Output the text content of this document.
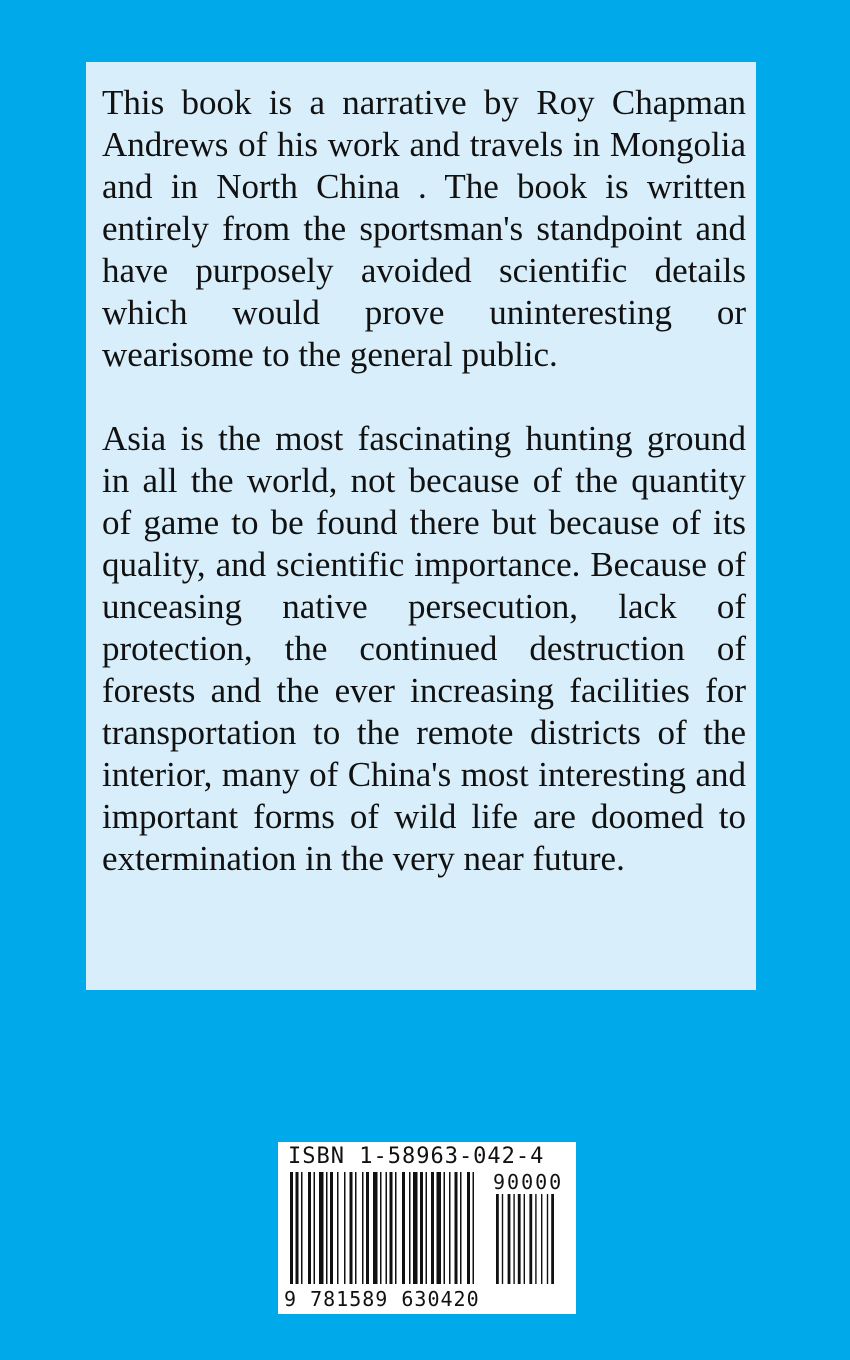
This book is a narrative by Roy Chapman Andrews of his work and travels in Mongolia and in North China . The book is written entirely from the sportsman's standpoint and have purposely avoided scientific details which would prove uninteresting or wearisome to the general public.

Asia is the most fascinating hunting ground in all the world, not because of the quantity of game to be found there but because of its quality, and scientific importance. Because of unceasing native persecution, lack of protection, the continued destruction of forests and the ever increasing facilities for transportation to the remote districts of the interior, many of China's most interesting and important forms of wild life are doomed to extermination in the very near future.

ISBN 1-58963-042-4
90000
9 781589 630420
